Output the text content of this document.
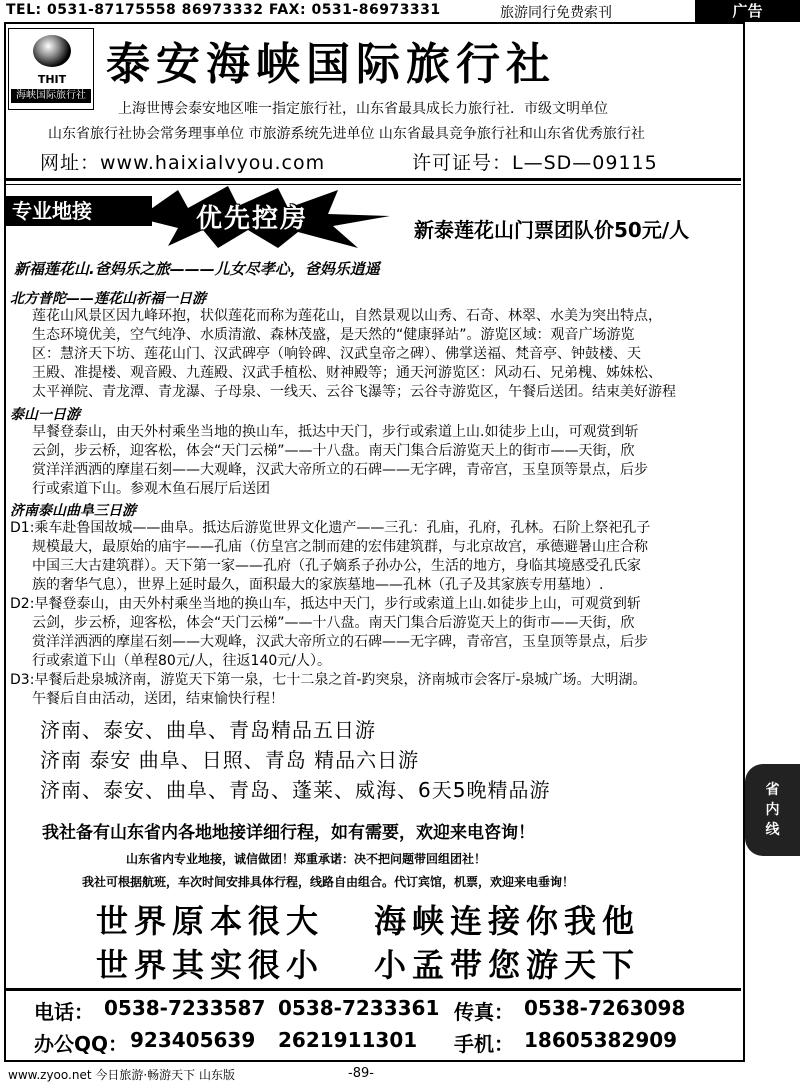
TEL: 0531-87175558 86973332 FAX: 0531-86973331	旅游同行免费索刊	广告
THIT
海峡国际旅行社
泰安海峡国际旅行社
上海世博会泰安地区唯一指定旅行社，山东省最具成长力旅行社．市级文明单位
山东省旅行社协会常务理事单位 市旅游系统先进单位 山东省最具竞争旅行社和山东省优秀旅行社
网址：www.haixialvyou.com	许可证号：L—SD—09115
专业地接	优先控房	新泰莲花山门票团队价50元/人
新福莲花山.爸妈乐之旅———儿女尽孝心，爸妈乐逍遥
北方普陀——莲花山祈福一日游
莲花山风景区因九峰环抱，状似莲花而称为莲花山，自然景观以山秀、石奇、林翠、水美为突出特点，
生态环境优美，空气纯净、水质清澈、森林茂盛，是天然的“健康驿站”。游览区域：观音广场游览
区：慧济天下坊、莲花山门、汉武碑亭（响铃碑、汉武皇帝之碑）、佛掌送福、梵音亭、钟鼓楼、天
王殿、准提楼、观音殿、九莲殿、汉武手植松、财神殿等；通天河游览区：风动石、兄弟槐、姊妹松、
太平禅院、青龙潭、青龙瀑、子母泉、一线天、云谷飞瀑等；云谷寺游览区，午餐后送团。结束美好游程
泰山一日游
早餐登泰山，由天外村乘坐当地的换山车，抵达中天门，步行或索道上山.如徒步上山，可观赏到斩
云剑，步云桥，迎客松，体会“天门云梯”——十八盘。南天门集合后游览天上的街市——天街，欣
赏洋洋洒洒的摩崖石刻——大观峰，汉武大帝所立的石碑——无字碑，青帝宫，玉皇顶等景点，后步
行或索道下山。参观木鱼石展厅后送团
济南泰山曲阜三日游
D1:乘车赴鲁国故城——曲阜。抵达后游览世界文化遗产——三孔：孔庙，孔府，孔林。石阶上祭祀孔子
规模最大，最原始的庙宇——孔庙（仿皇宫之制而建的宏伟建筑群，与北京故宫，承德避暑山庄合称
中国三大古建筑群）。天下第一家——孔府（孔子嫡系子孙办公，生活的地方，身临其境感受孔氏家
族的奢华气息），世界上延时最久，面积最大的家族墓地——孔林（孔子及其家族专用墓地）.
D2:早餐登泰山，由天外村乘坐当地的换山车，抵达中天门，步行或索道上山.如徒步上山，可观赏到斩
云剑，步云桥，迎客松，体会“天门云梯”——十八盘。南天门集合后游览天上的街市——天街，欣
赏洋洋洒洒的摩崖石刻——大观峰，汉武大帝所立的石碑——无字碑，青帝宫，玉皇顶等景点，后步
行或索道下山（单程80元/人，往返140元/人）。
D3:早餐后赴泉城济南，游览天下第一泉，七十二泉之首-趵突泉，济南城市会客厅-泉城广场。大明湖。
午餐后自由活动，送团，结束愉快行程！
济南、泰安、曲阜、青岛精品五日游
济南 泰安 曲阜、日照、青岛 精品六日游
济南、泰安、曲阜、青岛、蓬莱、威海、6天5晚精品游
我社备有山东省内各地地接详细行程，如有需要，欢迎来电咨询！
山东省内专业地接，诚信做团！郑重承诺：决不把问题带回组团社！
我社可根据航班，车次时间安排具体行程，线路自由组合。代订宾馆，机票，欢迎来电垂询！
世界原本很大 海峡连接你我他
世界其实很小 小孟带您游天下
电话： 0538-7233587 0538-7233361 传真： 0538-7263098
办公QQ： 923405639 2621911301 手机： 18605382909
省内线
www.zyoo.net 今日旅游·畅游天下 山东版	-89-
